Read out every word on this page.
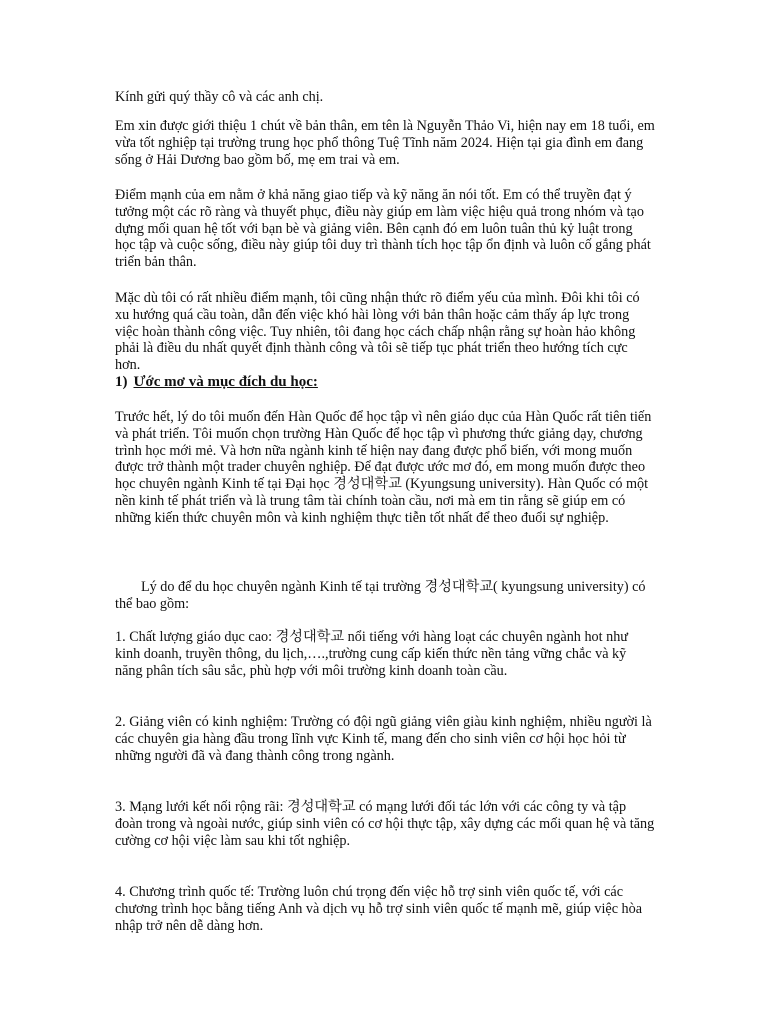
Kính gửi quý thầy cô và các anh chị.

Em xin được giới thiệu 1 chút về bản thân, em tên là Nguyễn Thảo Vi, hiện nay em 18 tuổi, em vừa tốt nghiệp tại trường trung học phổ thông Tuệ Tĩnh năm 2024. Hiện tại gia đình em đang sống ở Hải Dương bao gồm bố, mẹ em trai và em.

Điểm mạnh của em nằm ở khả năng giao tiếp và kỹ năng ăn nói tốt. Em có thể truyền đạt ý tưởng một các rõ ràng và thuyết phục, điều này giúp em làm việc hiệu quả trong nhóm và tạo dựng mối quan hệ tốt với bạn bè và giảng viên. Bên cạnh đó em luôn tuân thủ kỷ luật trong học tập và cuộc sống, điều này giúp tôi duy trì thành tích học tập ổn định và luôn cố gắng phát triển bản thân.

Mặc dù tôi có rất nhiều điểm mạnh, tôi cũng nhận thức rõ điểm yếu của mình. Đôi khi tôi có xu hướng quá cầu toàn, dẫn đến việc khó hài lòng với bản thân hoặc cảm thấy áp lực trong việc hoàn thành công việc. Tuy nhiên, tôi đang học cách chấp nhận rằng sự hoàn hảo không phải là điều du nhất quyết định thành công và tôi sẽ tiếp tục phát triển theo hướng tích cực hơn.

1) Ước mơ và mục đích du học:

Trước hết, lý do tôi muốn đến Hàn Quốc để học tập vì nên giáo dục của Hàn Quốc rất tiên tiến và phát triển. Tôi muốn chọn trường Hàn Quốc để học tập vì phương thức giảng dạy, chương trình học mới mẻ. Và hơn nữa ngành kinh tế hiện nay đang được phổ biến, với mong muốn được trở thành một trader chuyên nghiệp. Để đạt được ước mơ đó, em mong muốn được theo học chuyên ngành Kinh tế tại Đại học 경성대학교 (Kyungsung university). Hàn Quốc có một nền kinh tế phát triển và là trung tâm tài chính toàn cầu, nơi mà em tin rằng sẽ giúp em có những kiến thức chuyên môn và kinh nghiệm thực tiễn tốt nhất để theo đuổi sự nghiệp.

Lý do để du học chuyên ngành Kinh tế tại trường 경성대학교( kyungsung university) có thể bao gồm:

1. Chất lượng giáo dục cao: 경성대학교 nổi tiếng với hàng loạt các chuyên ngành hot như kinh doanh, truyền thông, du lịch,….,trường cung cấp kiến thức nền tảng vững chắc và kỹ năng phân tích sâu sắc, phù hợp với môi trường kinh doanh toàn cầu.

2. Giảng viên có kinh nghiệm: Trường có đội ngũ giảng viên giàu kinh nghiệm, nhiều người là các chuyên gia hàng đầu trong lĩnh vực Kinh tế, mang đến cho sinh viên cơ hội học hỏi từ những người đã và đang thành công trong ngành.

3. Mạng lưới kết nối rộng rãi: 경성대학교 có mạng lưới đối tác lớn với các công ty và tập đoàn trong và ngoài nước, giúp sinh viên có cơ hội thực tập, xây dựng các mối quan hệ và tăng cường cơ hội việc làm sau khi tốt nghiệp.

4. Chương trình quốc tế: Trường luôn chú trọng đến việc hỗ trợ sinh viên quốc tế, với các chương trình học bằng tiếng Anh và dịch vụ hỗ trợ sinh viên quốc tế mạnh mẽ, giúp việc hòa nhập trở nên dễ dàng hơn.
